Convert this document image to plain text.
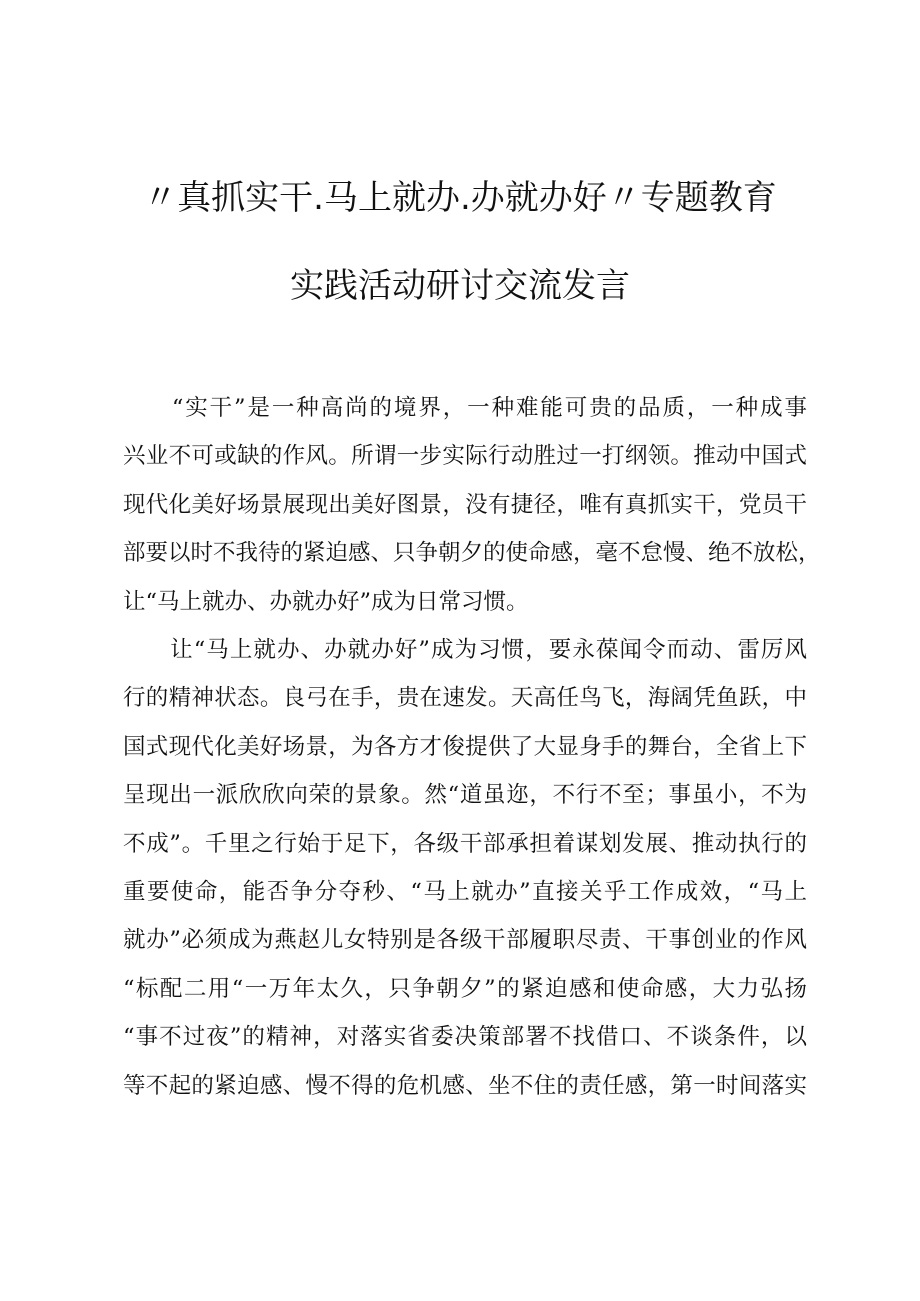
〃真抓实干.马上就办.办就办好〃专题教育
实践活动研讨交流发言
　　“实干”是一种高尚的境界，一种难能可贵的品质，一种成事
兴业不可或缺的作风。所谓一步实际行动胜过一打纲领。推动中国式
现代化美好场景展现出美好图景，没有捷径，唯有真抓实干，党员干
部要以时不我待的紧迫感、只争朝夕的使命感，毫不怠慢、绝不放松，
让“马上就办、办就办好”成为日常习惯。
　　让“马上就办、办就办好”成为习惯，要永葆闻令而动、雷厉风
行的精神状态。良弓在手，贵在速发。天高任鸟飞，海阔凭鱼跃，中
国式现代化美好场景，为各方才俊提供了大显身手的舞台，全省上下
呈现出一派欣欣向荣的景象。然“道虽迩，不行不至；事虽小，不为
不成”。千里之行始于足下，各级干部承担着谋划发展、推动执行的
重要使命，能否争分夺秒、“马上就办”直接关乎工作成效，“马上
就办”必须成为燕赵儿女特别是各级干部履职尽责、干事创业的作风
“标配二用“一万年太久，只争朝夕”的紧迫感和使命感，大力弘扬
“事不过夜”的精神，对落实省委决策部署不找借口、不谈条件，以
等不起的紧迫感、慢不得的危机感、坐不住的责任感，第一时间落实
